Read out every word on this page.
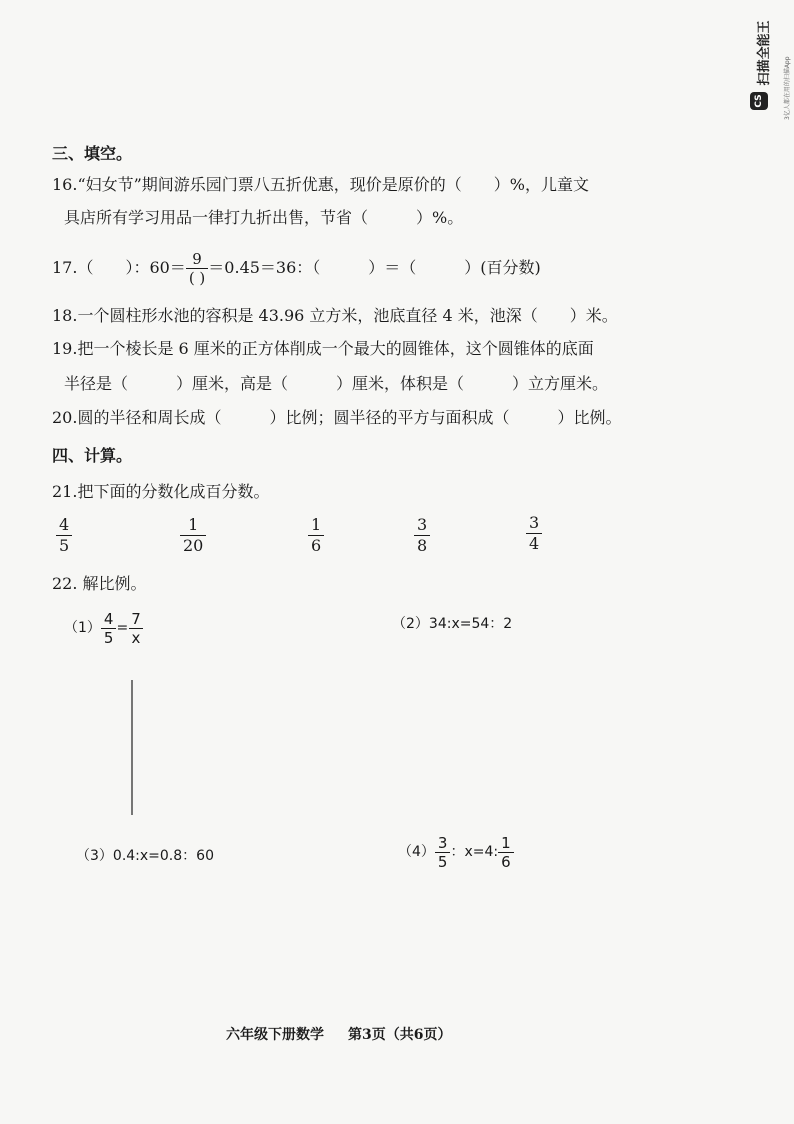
扫描全能王
CS	3亿人都在用的扫描App
三、填空。
16.“妇女节”期间游乐园门票八五折优惠，现价是原价的（　　）%，儿童文
具店所有学习用品一律打九折出售，节省（　　　）%。
17.（　　）：$60= \frac{9}{( )} =0.45=36$：（　　　）＝（　　　）(百分数)
18.一个圆柱形水池的容积是 43.96 立方米，池底直径 4 米，池深（　　）米。
19.把一个棱长是 6 厘米的正方体削成一个最大的圆锥体，这个圆锥体的底面
半径是（　　　）厘米，高是（　　　）厘米，体积是（　　　）立方厘米。
20.圆的半径和周长成（　　　）比例；圆半径的平方与面积成（　　　）比例。
四、计算。
21.把下面的分数化成百分数。
$\frac{4}{5}$	$\frac{1}{20}$	$\frac{1}{6}$	$\frac{3}{8}$	$\frac{3}{4}$
22. 解比例。
$(1) \frac{4}{5} = \frac{7}{x}$	（2）34:x=54：2
（3）0.4:x=0.8：60	$(4) \frac{3}{5}$ ：x=4: $\frac{1}{6}$
六年级下册数学 第3页（共6页）
